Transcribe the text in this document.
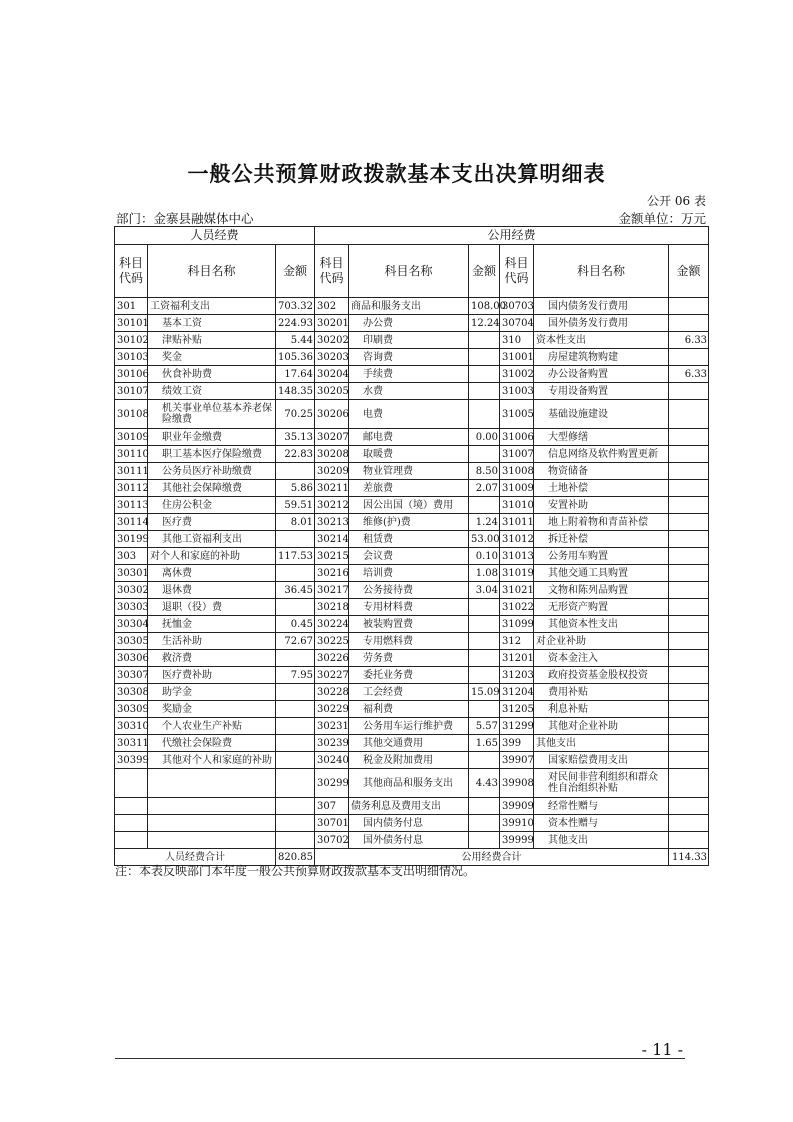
一般公共预算财政拨款基本支出决算明细表
公开 06 表
部门：金寨县融媒体中心	金额单位：万元
人员经费			公用经费					
科目代码	科目名称	金额	科目代码	科目名称	金额	科目代码	科目名称	金额
301	工资福利支出	703.32	302	商品和服务支出	108.00	30703	国内债务发行费用	
30101	基本工资	224.93	30201	办公费	12.24	30704	国外债务发行费用	
30102	津贴补贴	5.44	30202	印刷费		310	资本性支出	6.33
30103	奖金	105.36	30203	咨询费		31001	房屋建筑物购建	
30106	伙食补助费	17.64	30204	手续费		31002	办公设备购置	6.33
30107	绩效工资	148.35	30205	水费		31003	专用设备购置	
30108	机关事业单位基本养老保险缴费	70.25	30206	电费		31005	基础设施建设	
30109	职业年金缴费	35.13	30207	邮电费	0.00	31006	大型修缮	
30110	职工基本医疗保险缴费	22.83	30208	取暖费		31007	信息网络及软件购置更新	
30111	公务员医疗补助缴费		30209	物业管理费	8.50	31008	物资储备	
30112	其他社会保障缴费	5.86	30211	差旅费	2.07	31009	土地补偿	
30113	住房公积金	59.51	30212	因公出国（境）费用		31010	安置补助	
30114	医疗费	8.01	30213	维修(护)费	1.24	31011	地上附着物和青苗补偿	
30199	其他工资福利支出		30214	租赁费	53.00	31012	拆迁补偿	
303	对个人和家庭的补助	117.53	30215	会议费	0.10	31013	公务用车购置	
30301	离休费		30216	培训费	1.08	31019	其他交通工具购置	
30302	退休费	36.45	30217	公务接待费	3.04	31021	文物和陈列品购置	
30303	退职（役）费		30218	专用材料费		31022	无形资产购置	
30304	抚恤金	0.45	30224	被装购置费		31099	其他资本性支出	
30305	生活补助	72.67	30225	专用燃料费		312	对企业补助	
30306	救济费		30226	劳务费		31201	资本金注入	
30307	医疗费补助	7.95	30227	委托业务费		31203	政府投资基金股权投资	
30308	助学金		30228	工会经费	15.09	31204	费用补贴	
30309	奖励金		30229	福利费		31205	利息补贴	
30310	个人农业生产补贴		30231	公务用车运行维护费	5.57	31299	其他对企业补助	
30311	代缴社会保险费		30239	其他交通费用	1.65	399	其他支出	
30399	其他对个人和家庭的补助		30240	税金及附加费用		39907	国家赔偿费用支出	
			30299	其他商品和服务支出	4.43	39908	对民间非营利组织和群众性自治组织补贴	
			307	债务利息及费用支出		39909	经常性赠与	
			30701	国内债务付息		39910	资本性赠与	
			30702	国外债务付息		39999	其他支出	
人员经费合计		820.85	公用经费合计					114.33
注：本表反映部门本年度一般公共预算财政拨款基本支出明细情况。
- 11 -
